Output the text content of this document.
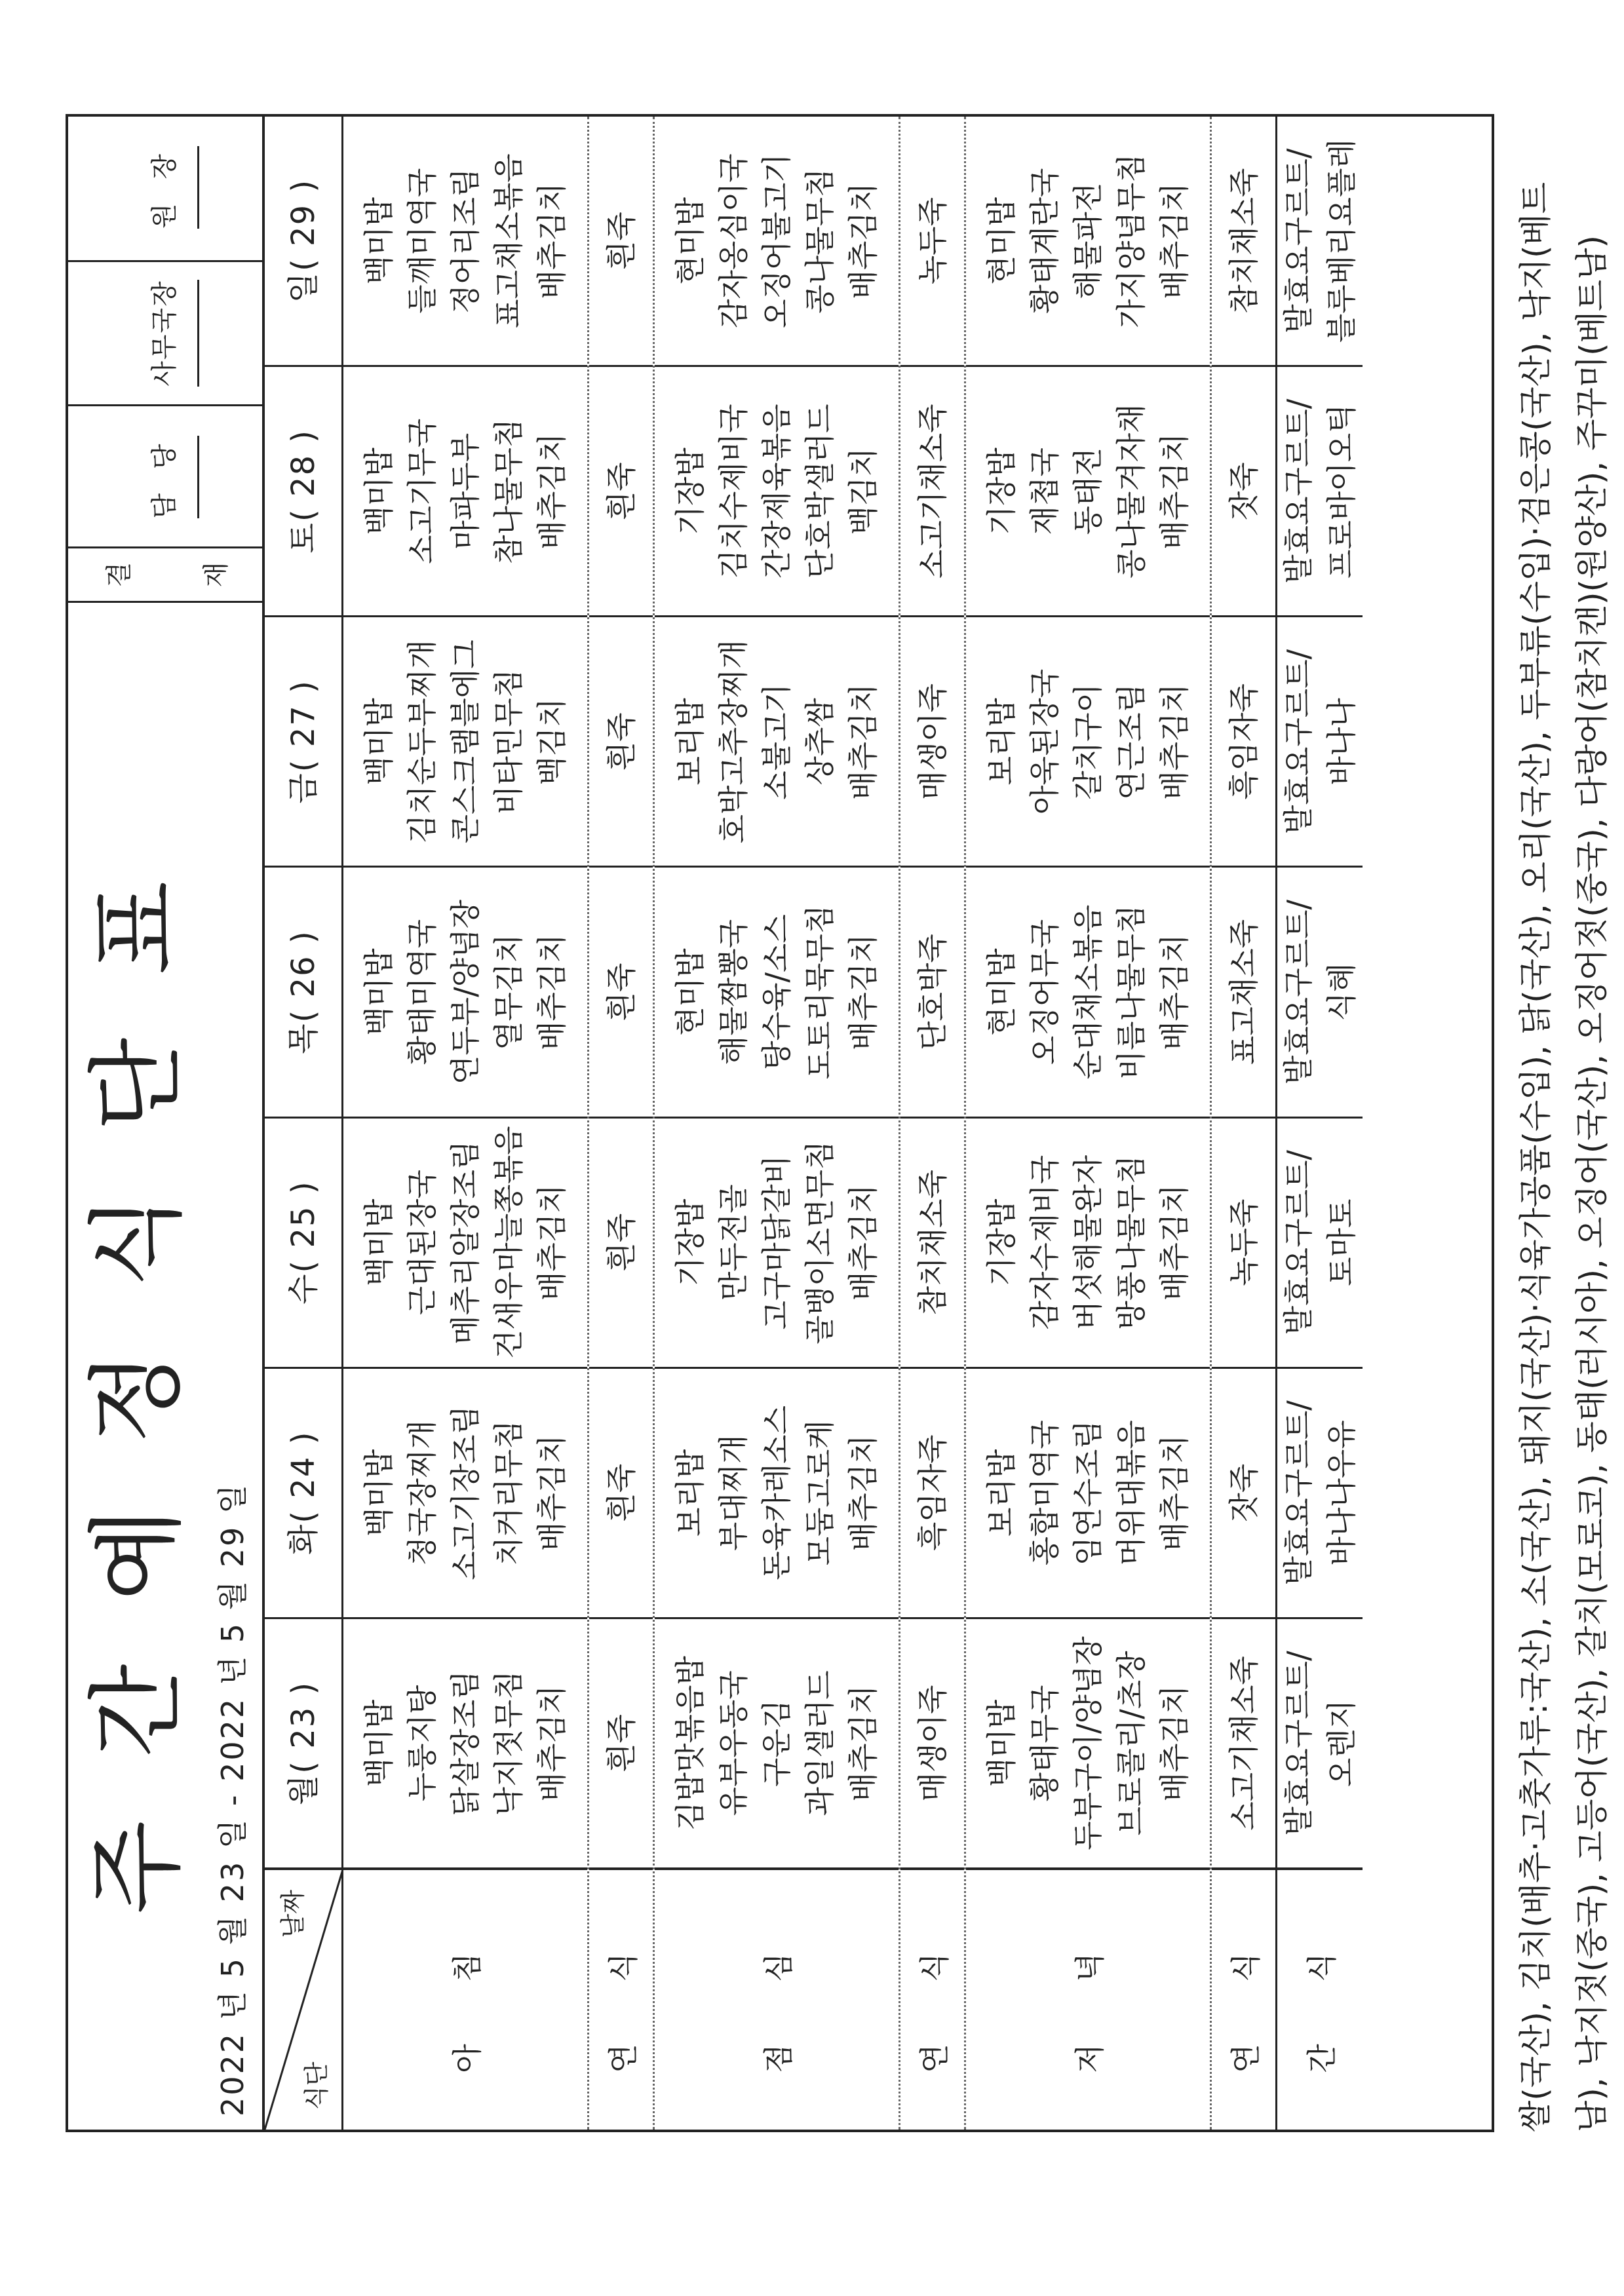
주간예정식단표 2022 년 5 월 23 일 - 2022 년 5 월 29 일
결	재
담 당
사무국장
원 장
식단
날짜
월( 23 )
화( 24 )
수( 25 )
목( 26 )
금( 27 )
토( 28 )
일( 29 )
아 침
백미밥 누룽지탕 닭살장조림 낙지젓무침 배추김치
백미밥 청국장찌개 소고기장조림 치커리무침 배추김치
백미밥 근대된장국 메추리알장조림 건새우마늘쫑볶음 배추김치
백미밥 황태미역국 연두부/양념장 열무김치 배추김치
백미밥 김치순두부찌개 콘스크램블에그 비타민무침 백김치
백미밥 소고기무국 마파두부 참나물무침 배추김치
백미밥 들깨미역국 정어리조림 표고채소볶음 배추김치
연 식
흰죽
흰죽
흰죽
흰죽
흰죽
흰죽
흰죽
점 심
김밥맛볶음밥 유부우동국 구운김 과일샐러드 배추김치
보리밥 부대찌개 돈육카레소스 모둠고로케 배추김치
기장밥 만두전골 고구마닭갈비 골뱅이소면무침 배추김치
현미밥 해물짬뽕국 탕수육/소스 도토리묵무침 배추김치
보리밥 호박고추장찌개 소불고기 상추쌈 배추김치
기장밥 김치수제비국 간장제육볶음 단호박샐러드 백김치
현미밥 감자옹심이국 오징어불고기 콩나물무침 배추김치
연 식
매생이죽
흑임자죽
참치채소죽
단호박죽
매생이죽
소고기채소죽
녹두죽
저 녁
백미밥 황태무국 두부구이/양념장 브로콜리/초장 배추김치
보리밥 홍합미역국 임연수조림 머위대볶음 배추김치
기장밥 감자수제비국 버섯해물완자 방풍나물무침 배추김치
현미밥 오징어무국 순대채소볶음 비름나물무침 배추김치
보리밥 아욱된장국 갈치구이 연근조림 배추김치
기장밥 재첩국 동태전 콩나물겨자채 배추김치
현미밥 황태계란국 해물파전 가지양념무침 배추김치
연 식
소고기채소죽
잣죽
녹두죽
표고채소죽
흑임자죽
잣죽
참치채소죽
간 식
발효요구르트/ 오렌지
발효요구르트/ 바나나우유
발효요구르트/ 토마토
발효요구르트/ 식혜
발효요구르트/ 바나나
발효요구르트/ 프로바이오틱
발효요구르트/ 블루베리요플레	쌀(국산), 김치(배추·고춧가루:국산), 소(국산), 돼지(국산)·식육가공품(수입), 닭(국산), 오리(국산), 두부류(수입)·검은콩(국산), 낙지(베트 남), 낙지젓(중국), 고등어(국산), 갈치(모로코), 동태(러시아), 오징어(국산), 오징어젓(중국), 다랑어(참치캔)(원양산), 주꾸미(베트남)
